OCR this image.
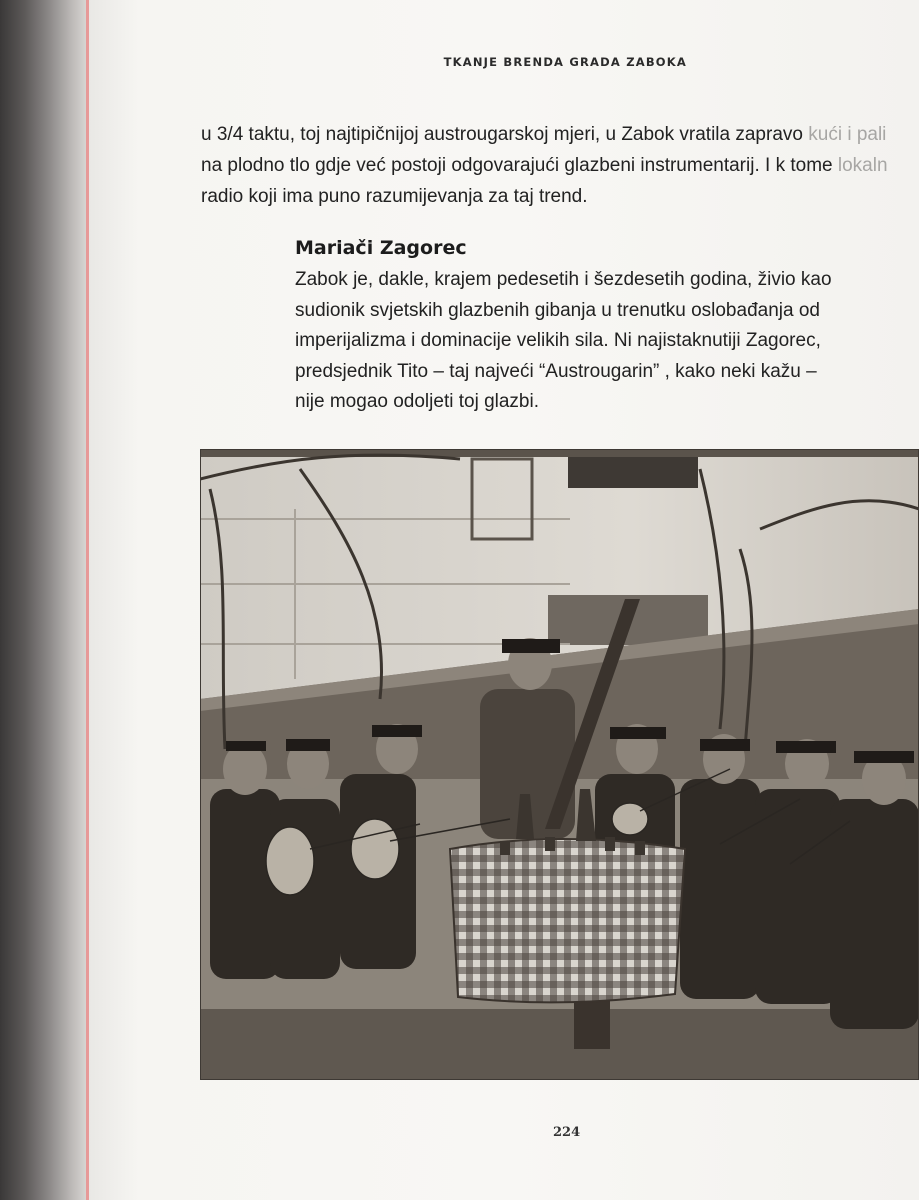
TKANJE BRENDA GRADA ZABOKA

u 3/4 taktu, toj najtipičnijoj austrougarskoj mjeri, u Zabok vratila zapravo kući i pali

na plodno tlo gdje već postoji odgovarajući glazbeni instrumentarij. I k tome lokaln

radio koji ima puno razumijevanja za taj trend.

Mariači Zagorec

Zabok je, dakle, krajem pedesetih i šezdesetih godina, živio kao

sudionik svjetskih glazbenih gibanja u trenutku oslobađanja od

imperijalizma i dominacije velikih sila. Ni najistaknutiji Zagorec,

predsjednik Tito – taj najveći “Austrougarin” , kako neki kažu –

nije mogao odoljeti toj glazbi.

224
